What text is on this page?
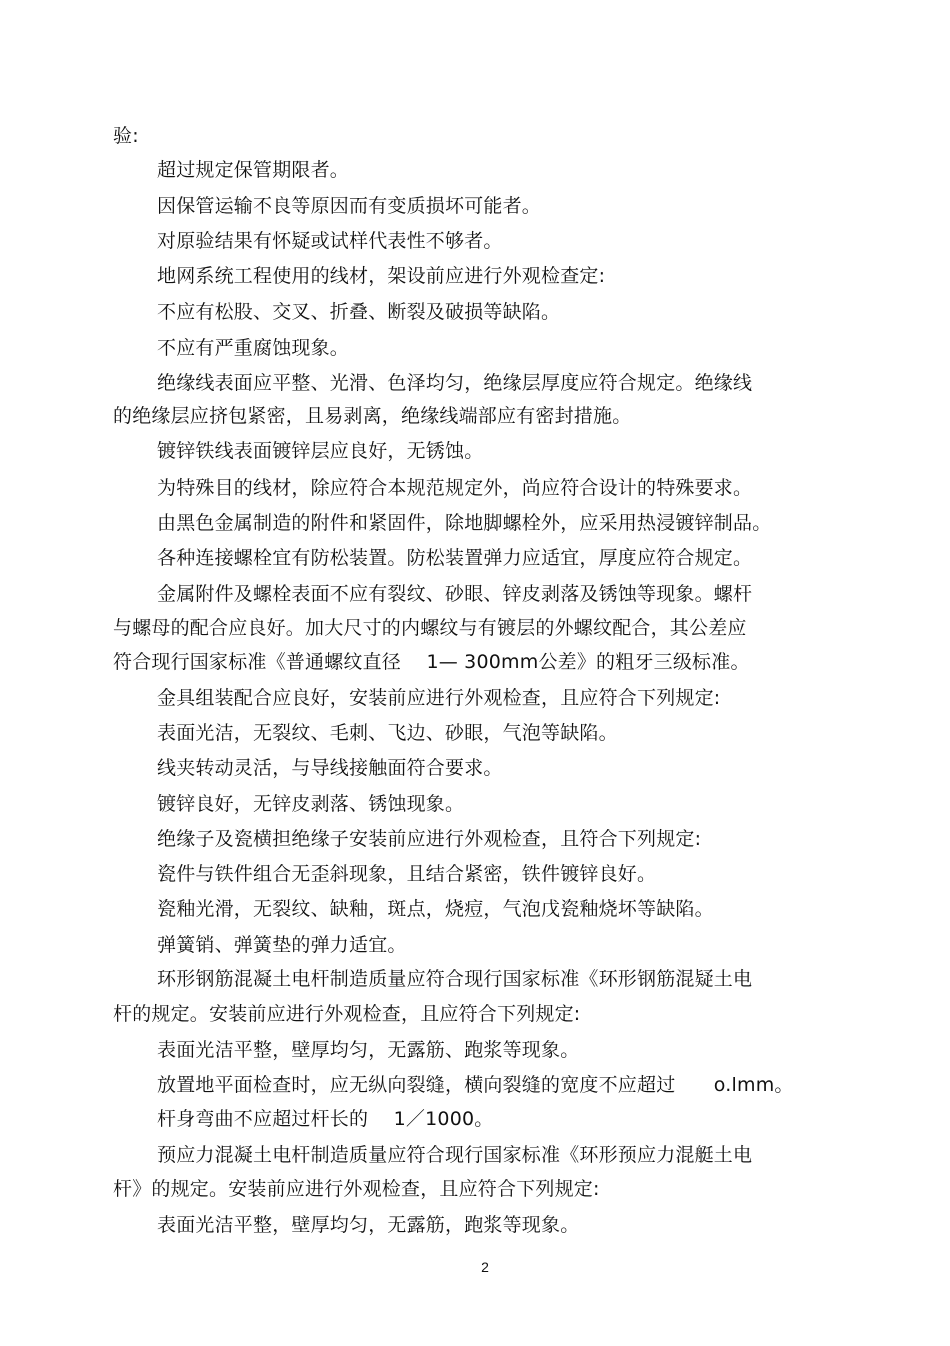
验:
超过规定保管期限者。
因保管运输不良等原因而有变质损坏可能者。
对原验结果有怀疑或试样代表性不够者。
地网系统工程使用的线材，架设前应进行外观检查定:
不应有松股、交叉、折叠、断裂及破损等缺陷。
不应有严重腐蚀现象。
绝缘线表面应平整、光滑、色泽均匀，绝缘层厚度应符合规定。绝缘线
的绝缘层应挤包紧密，且易剥离，绝缘线端部应有密封措施。
镀锌铁线表面镀锌层应良好，无锈蚀。
为特殊目的线材，除应符合本规范规定外，尚应符合设计的特殊要求。
由黑色金属制造的附件和紧固件，除地脚螺栓外，应采用热浸镀锌制品。
各种连接螺栓宜有防松装置。防松装置弹力应适宜，厚度应符合规定。
金属附件及螺栓表面不应有裂纹、砂眼、锌皮剥落及锈蚀等现象。螺杆
与螺母的配合应良好。加大尺寸的内螺纹与有镀层的外螺纹配合，其公差应
符合现行国家标准《普通螺纹直径　 1— 300mm公差》的粗牙三级标准。
金具组装配合应良好，安装前应进行外观检查，且应符合下列规定:
表面光洁，无裂纹、毛刺、飞边、砂眼，气泡等缺陷。
线夹转动灵活，与导线接触面符合要求。
镀锌良好，无锌皮剥落、锈蚀现象。
绝缘子及瓷横担绝缘子安装前应进行外观检查，且符合下列规定:
瓷件与铁件组合无歪斜现象，且结合紧密，铁件镀锌良好。
瓷釉光滑，无裂纹、缺釉，斑点，烧痘，气泡戊瓷釉烧坏等缺陷。
弹簧销、弹簧垫的弹力适宜。
环形钢筋混凝土电杆制造质量应符合现行国家标准《环形钢筋混疑土电
杆的规定。安装前应进行外观检查，且应符合下列规定:
表面光洁平整，壁厚均匀，无露筋、跑浆等现象。
放置地平面检查时，应无纵向裂缝，横向裂缝的宽度不应超过　　o.lmm。
杆身弯曲不应超过杆长的　 1／1000。
预应力混凝土电杆制造质量应符合现行国家标准《环形预应力混艇土电
杆》的规定。安装前应进行外观检查，且应符合下列规定:
表面光洁平整，壁厚均匀，无露筋，跑浆等现象。
2
